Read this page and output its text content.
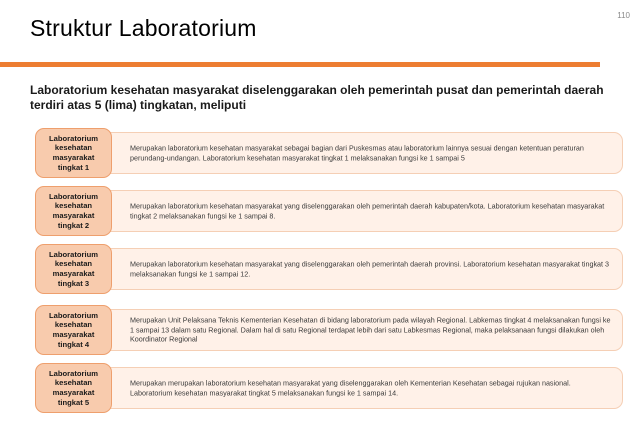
110
Struktur Laboratorium

Laboratorium kesehatan masyarakat diselenggarakan oleh pemerintah pusat dan pemerintah daerah terdiri atas 5 (lima) tingkatan, meliputi

Merupakan laboratorium kesehatan masyarakat sebagai bagian dari Puskesmas atau laboratorium lainnya sesuai dengan ketentuan peraturan perundang-undangan. Laboratorium kesehatan masyarakat tingkat 1 melaksanakan fungsi ke 1 sampai 5

Laboratorium
kesehatan
masyarakat
tingkat 1

Merupakan laboratorium kesehatan masyarakat yang diselenggarakan oleh pemerintah daerah kabupaten/kota. Laboratorium kesehatan masyarakat tingkat 2 melaksanakan fungsi ke 1 sampai 8.

Laboratorium
kesehatan
masyarakat
tingkat 2

Merupakan laboratorium kesehatan masyarakat yang diselenggarakan oleh pemerintah daerah provinsi. Laboratorium kesehatan masyarakat tingkat 3 melaksanakan fungsi ke 1 sampai 12.

Laboratorium
kesehatan
masyarakat
tingkat 3

Merupakan Unit Pelaksana Teknis Kementerian Kesehatan di bidang laboratorium pada wilayah Regional. Labkemas tingkat 4 melaksanakan fungsi ke 1 sampai 13 dalam satu Regional. Dalam hal di satu Regional terdapat lebih dari satu Labkesmas Regional, maka pelaksanaan fungsi dilakukan oleh Koordinator Regional

Laboratorium
kesehatan
masyarakat
tingkat 4

Merupakan merupakan laboratorium kesehatan masyarakat yang diselenggarakan oleh Kementerian Kesehatan sebagai rujukan nasional. Laboratorium kesehatan masyarakat tingkat 5 melaksanakan fungsi ke 1 sampai 14.

Laboratorium
kesehatan
masyarakat
tingkat 5
